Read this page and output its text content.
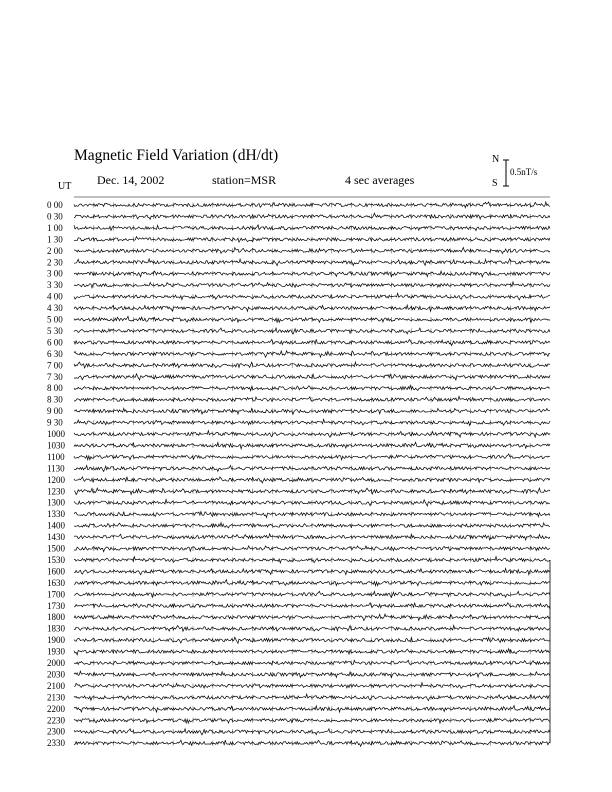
Magnetic Field Variation (dH/dt)
Dec. 14, 2002	station=MSR	4 sec averages
UT
N
S
0.5nT/s
0 00
0 30
1 00
1 30
2 00
2 30
3 00
3 30
4 00
4 30
5 00
5 30
6 00
6 30
7 00
7 30
8 00
8 30
9 00
9 30
1000
1030
1100
1130
1200
1230
1300
1330
1400
1430
1500
1530
1600
1630
1700
1730
1800
1830
1900
1930
2000
2030
2100
2130
2200
2230
2300
2330
